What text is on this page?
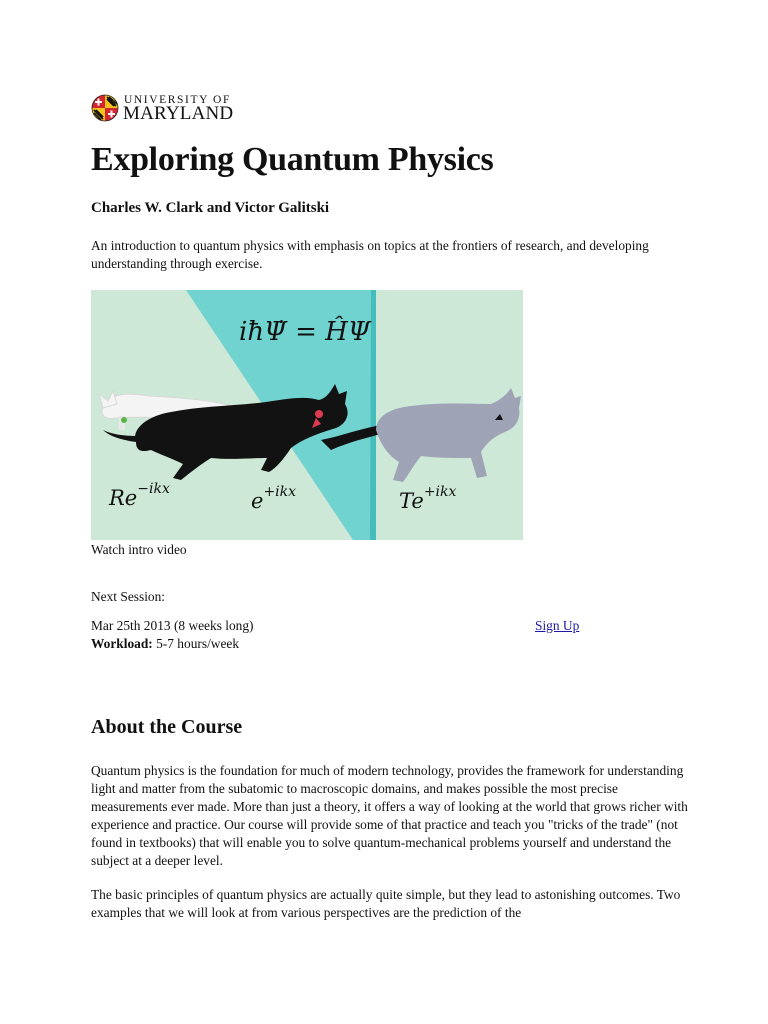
UNIVERSITY OF
MARYLAND
Exploring Quantum Physics
Charles W. Clark and Victor Galitski

An introduction to quantum physics with emphasis on topics at the frontiers of research, and developing understanding through exercise.

iħΨ̇ = ĤΨ
$Re^{-ikx}$	$e^{+ikx}$	$Te^{+ikx}$
Watch intro video
Next Session:
Mar 25th 2013 (8 weeks long)	Sign Up
Workload: 5-7 hours/week
About the Course

Quantum physics is the foundation for much of modern technology, provides the framework for understanding light and matter from the subatomic to macroscopic domains, and makes possible the most precise measurements ever made. More than just a theory, it offers a way of looking at the world that grows richer with experience and practice. Our course will provide some of that practice and teach you "tricks of the trade" (not found in textbooks) that will enable you to solve quantum-mechanical problems yourself and understand the subject at a deeper level.

The basic principles of quantum physics are actually quite simple, but they lead to astonishing outcomes. Two examples that we will look at from various perspectives are the prediction of the
